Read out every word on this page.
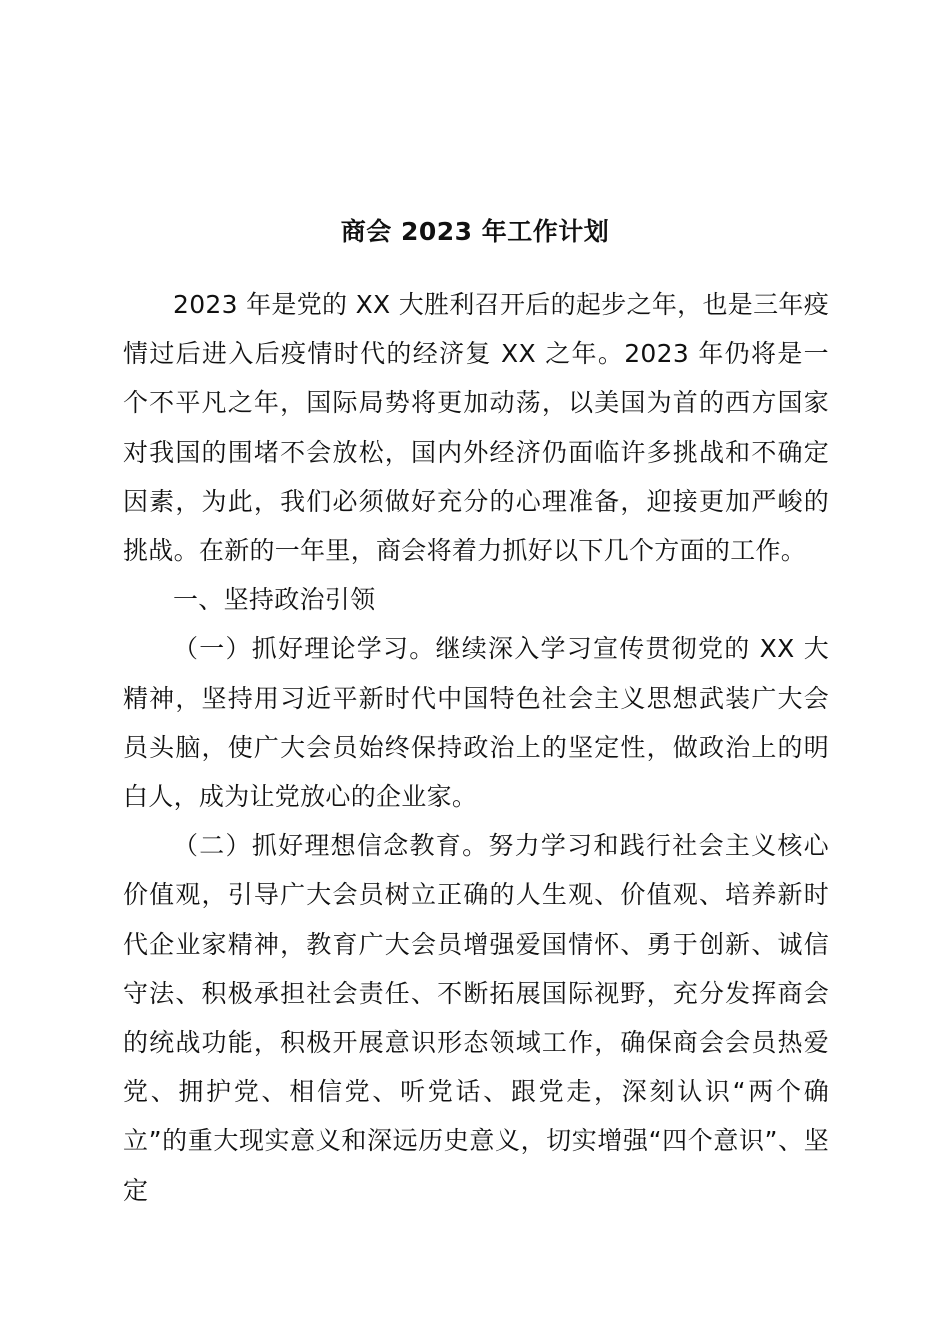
商会 2023 年工作计划

2023 年是党的 XX 大胜利召开后的起步之年，也是三年疫情过后进入后疫情时代的经济复 XX 之年。2023 年仍将是一个不平凡之年，国际局势将更加动荡，以美国为首的西方国家对我国的围堵不会放松，国内外经济仍面临许多挑战和不确定因素，为此，我们必须做好充分的心理准备，迎接更加严峻的挑战。在新的一年里，商会将着力抓好以下几个方面的工作。

一、坚持政治引领

（一）抓好理论学习。继续深入学习宣传贯彻党的 XX 大精神，坚持用习近平新时代中国特色社会主义思想武装广大会员头脑，使广大会员始终保持政治上的坚定性，做政治上的明白人，成为让党放心的企业家。

（二）抓好理想信念教育。努力学习和践行社会主义核心价值观，引导广大会员树立正确的人生观、价值观、培养新时代企业家精神，教育广大会员增强爱国情怀、勇于创新、诚信守法、积极承担社会责任、不断拓展国际视野，充分发挥商会的统战功能，积极开展意识形态领域工作，确保商会会员热爱党、拥护党、相信党、听党话、跟党走，深刻认识“两个确立”的重大现实意义和深远历史意义，切实增强“四个意识”、坚定
